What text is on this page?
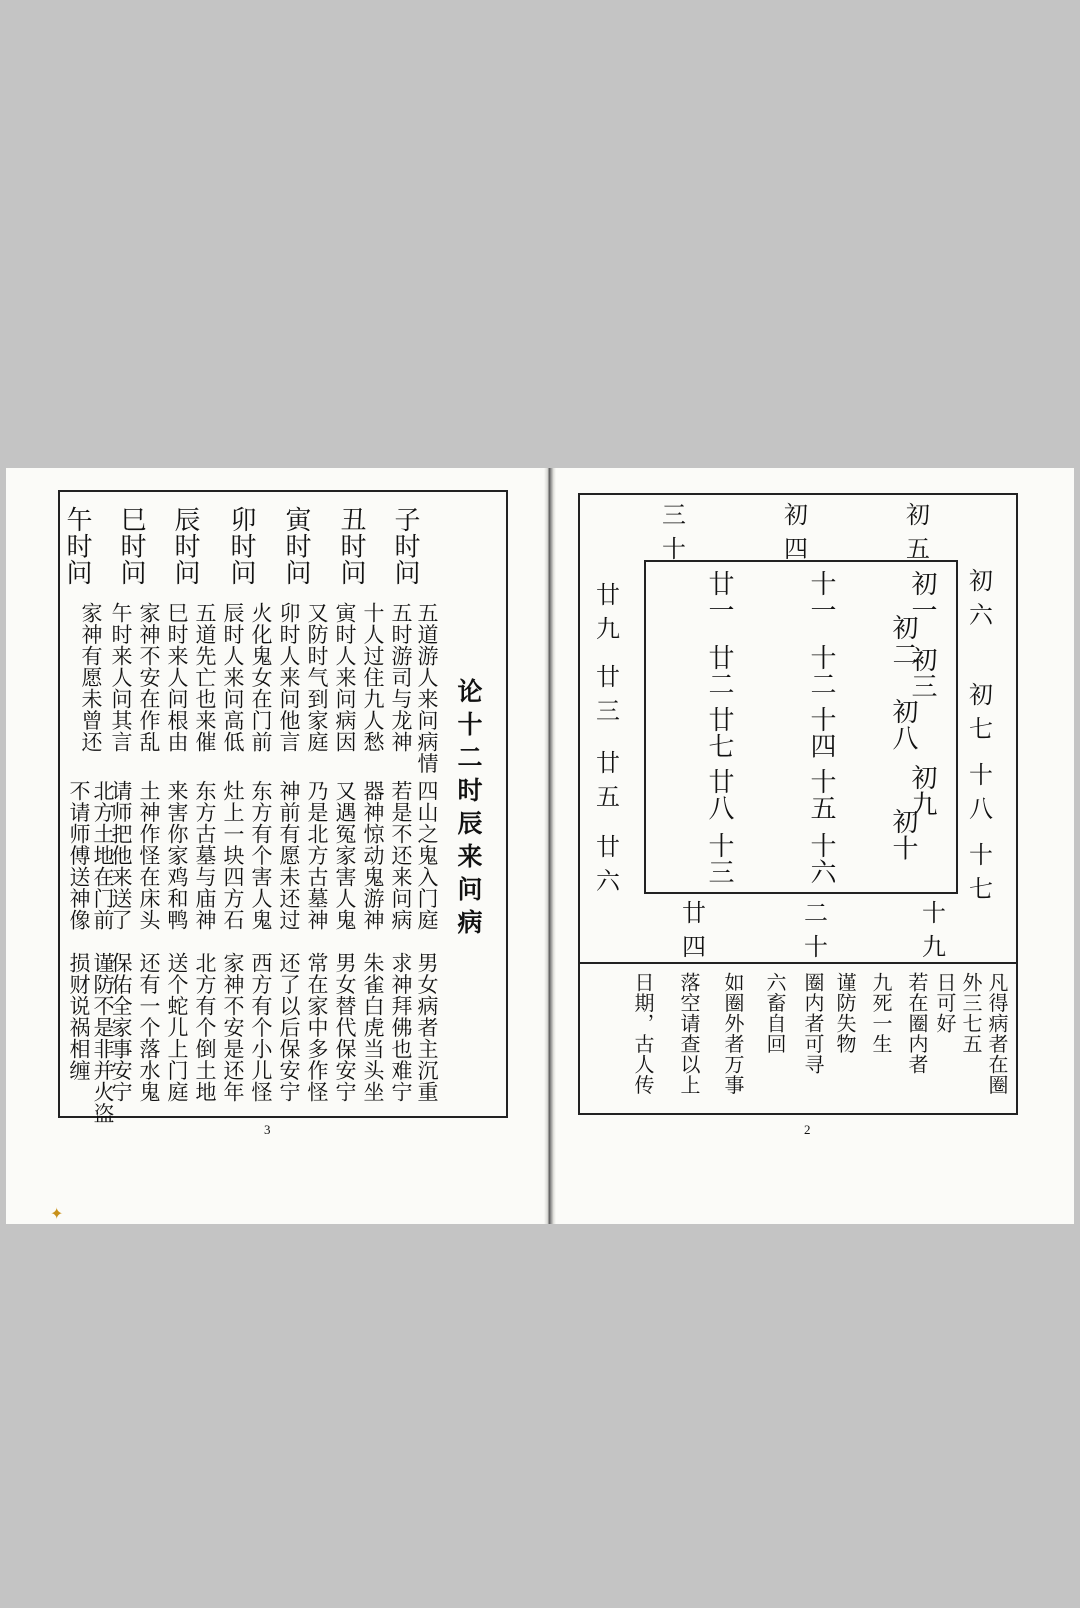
✦
论十二时辰来问病
子时问
丑时问
寅时问
卯时问
辰时问
巳时问
午时问
五道游人来问病情
五时游司与龙神
十人过住九人愁
寅时人来问病因
又防时气到家庭
卯时人来问他言
火化鬼女在门前
辰时人来问高低
五道先亡也来催
巳时来人问根由
家神不安在作乱
午时来人问其言
家神有愿未曾还
四山之鬼入门庭
若是不还来问病
器神惊动鬼游神
又遇冤家害人鬼
乃是北方古墓神
神前有愿未还过
东方有个害人鬼
灶上一块四方石
东方古墓与庙神
来害你家鸡和鸭
土神作怪在床头
请师把他来送了
北方土地在门前
不请师傅送神像
男女病者主沉重
求神拜佛也难宁
朱雀白虎当头坐
男女替代保安宁
常在家中多作怪
还了以后保安宁
西方有个小儿怪
家神不安是还年
北方有个倒土地
送个蛇儿上门庭
还有一个落水鬼
保佑全家事安宁
谨防不是非并火盗
损财说祸相缠
3
初五
初四
三十
初六
初七
十八
十七
廿九
廿三
廿五
廿六
初一
初二
初三
初八
初九
初十
十一
十二
十四
十五
十六
廿一
廿二
廿七
廿八
十三
十九
二十
廿四
凡得病者在圈
外三七五
日可好
若在圈内者
九死一生
谨防失物
圈内者可寻
六畜自回
如圈外者万事
落空请查以上
日期，古人传
2
